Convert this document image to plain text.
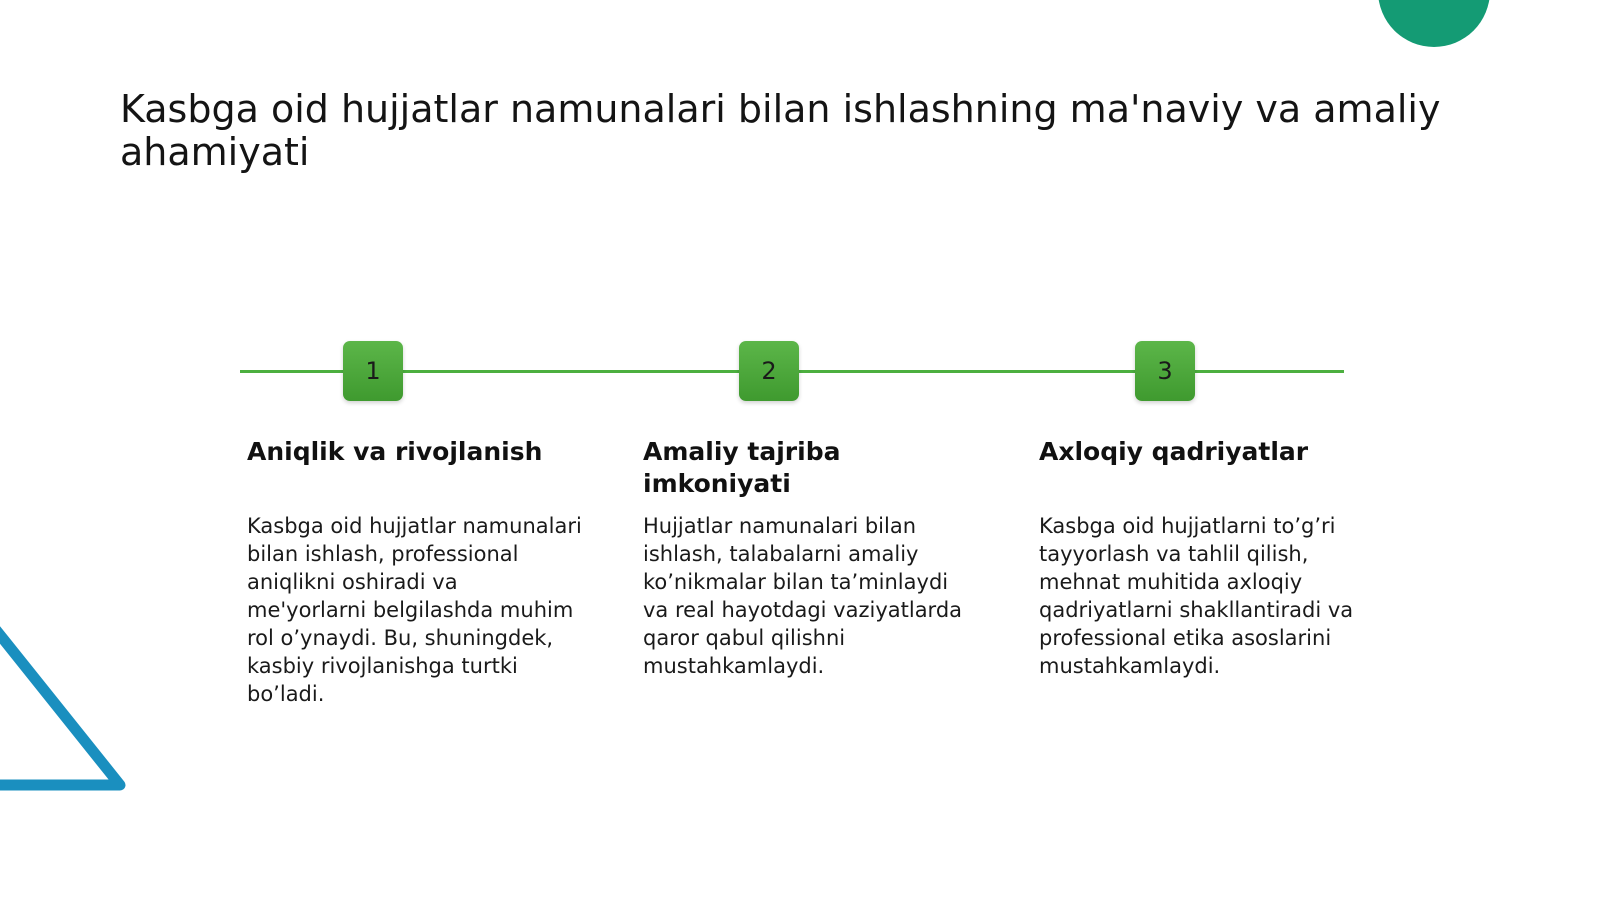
Kasbga oid hujjatlar namunalari bilan ishlashning ma'naviy va amaliy ahamiyati
1	2	3
Aniqlik va rivojlanish

Kasbga oid hujjatlar namunalari bilan ishlash, professional aniqlikni oshiradi va me'yorlarni belgilashda muhim rol o’ynaydi. Bu, shuningdek, kasbiy rivojlanishga turtki bo’ladi.

Amaliy tajriba imkoniyati

Hujjatlar namunalari bilan ishlash, talabalarni amaliy ko’nikmalar bilan ta’minlaydi va real hayotdagi vaziyatlarda qaror qabul qilishni mustahkamlaydi.

Axloqiy qadriyatlar

Kasbga oid hujjatlarni to’g’ri tayyorlash va tahlil qilish, mehnat muhitida axloqiy qadriyatlarni shakllantiradi va professional etika asoslarini mustahkamlaydi.
